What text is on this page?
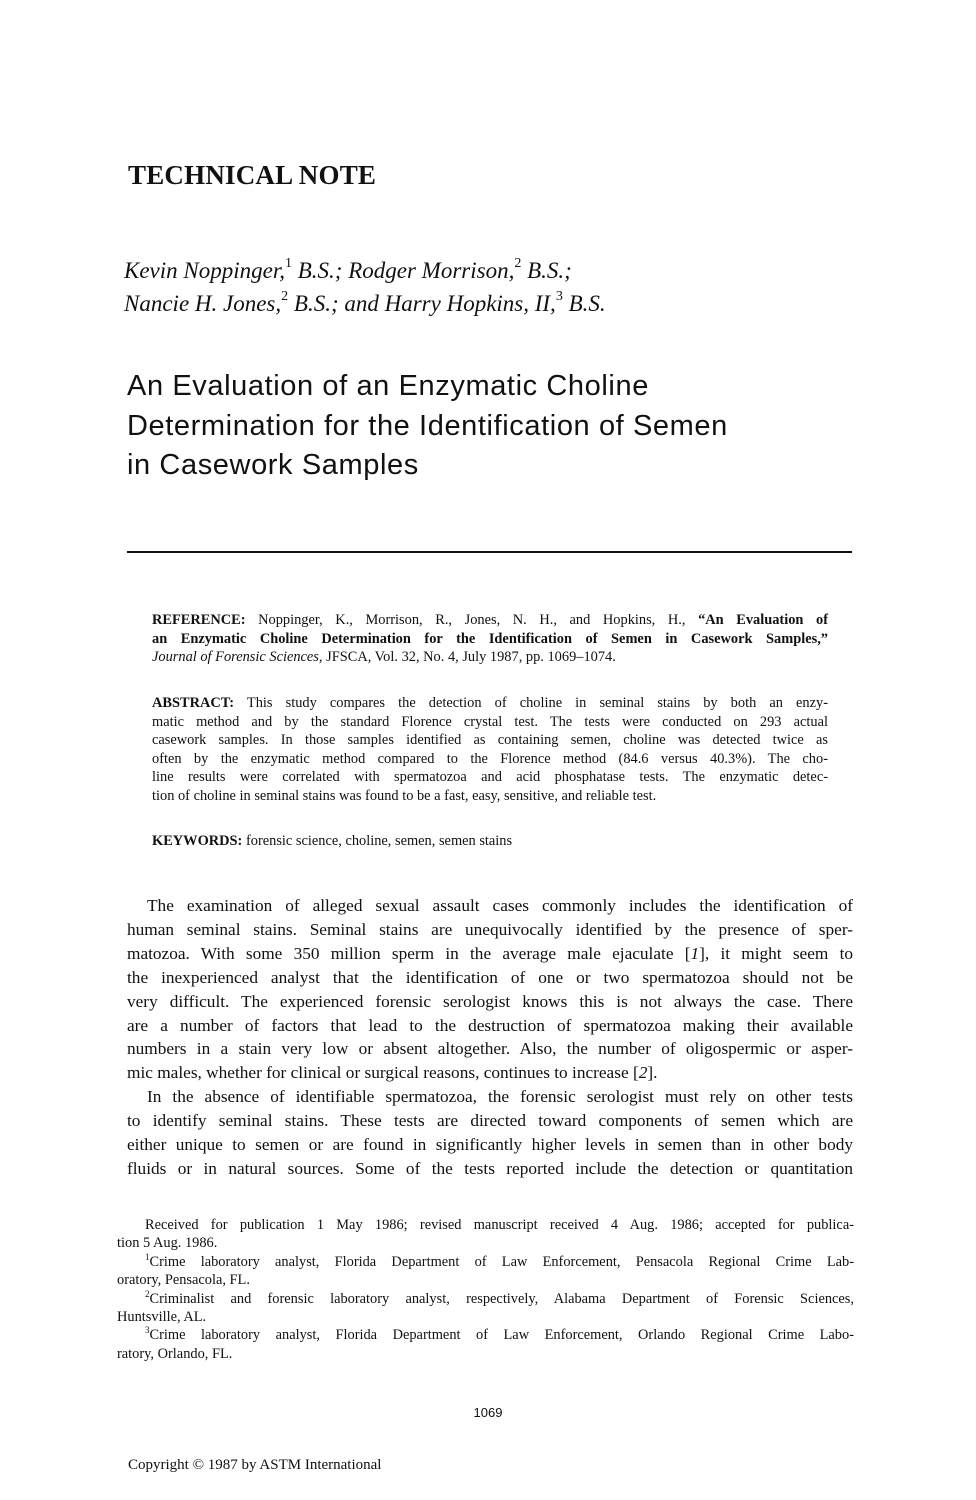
TECHNICAL NOTE
Kevin Noppinger,$^1$ B.S.; Rodger Morrison,$^2$ B.S.;
Nancie H. Jones,$^2$ B.S.; and Harry Hopkins, II,$^3$ B.S.
An Evaluation of an Enzymatic Choline
Determination for the Identification of Semen
in Casework Samples
REFERENCE: Noppinger, K., Morrison, R., Jones, N. H., and Hopkins, H., “An Evaluation of
an Enzymatic Choline Determination for the Identification of Semen in Casework Samples,”
Journal of Forensic Sciences, JFSCA, Vol. 32, No. 4, July 1987, pp. 1069–1074.
ABSTRACT: This study compares the detection of choline in seminal stains by both an enzy-
matic method and by the standard Florence crystal test. The tests were conducted on 293 actual
casework samples. In those samples identified as containing semen, choline was detected twice as
often by the enzymatic method compared to the Florence method (84.6 versus 40.3%). The cho-
line results were correlated with spermatozoa and acid phosphatase tests. The enzymatic detec-
tion of choline in seminal stains was found to be a fast, easy, sensitive, and reliable test.
KEYWORDS: forensic science, choline, semen, semen stains
The examination of alleged sexual assault cases commonly includes the identification of
human seminal stains. Seminal stains are unequivocally identified by the presence of sper-
matozoa. With some 350 million sperm in the average male ejaculate [1], it might seem to
the inexperienced analyst that the identification of one or two spermatozoa should not be
very difficult. The experienced forensic serologist knows this is not always the case. There
are a number of factors that lead to the destruction of spermatozoa making their available
numbers in a stain very low or absent altogether. Also, the number of oligospermic or asper-
mic males, whether for clinical or surgical reasons, continues to increase [2].
In the absence of identifiable spermatozoa, the forensic serologist must rely on other tests
to identify seminal stains. These tests are directed toward components of semen which are
either unique to semen or are found in significantly higher levels in semen than in other body
fluids or in natural sources. Some of the tests reported include the detection or quantitation
Received for publication 1 May 1986; revised manuscript received 4 Aug. 1986; accepted for publica-
tion 5 Aug. 1986.
$^1$Crime laboratory analyst, Florida Department of Law Enforcement, Pensacola Regional Crime Lab-
oratory, Pensacola, FL.
$^2$Criminalist and forensic laboratory analyst, respectively, Alabama Department of Forensic Sciences,
Huntsville, AL.
$^3$Crime laboratory analyst, Florida Department of Law Enforcement, Orlando Regional Crime Labo-
ratory, Orlando, FL.
1069
Copyright © 1987 by ASTM International
